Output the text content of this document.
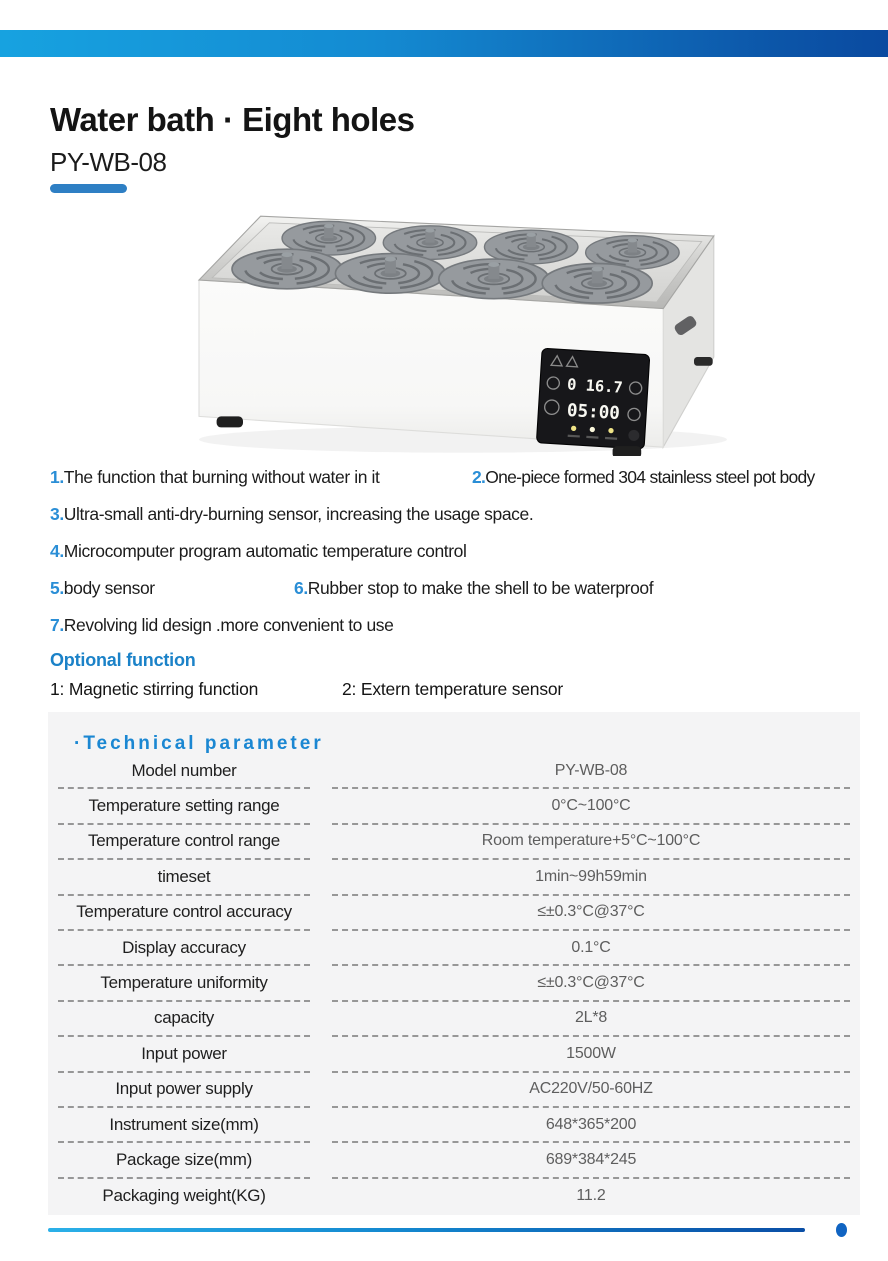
Water bath · Eight holes
PY-WB-08
0 16.7
05:00
1.The function that burning without water in it	2.One-piece formed 304 stainless steel pot body
3.Ultra-small anti-dry-burning sensor, increasing the usage space.
4.Microcomputer program automatic temperature control
5.body sensor	6.Rubber stop to make the shell to be waterproof
7.Revolving lid design .more convenient to use
Optional function
1: Magnetic stirring function	2: Extern temperature sensor
·Technical parameter
Model number	PY-WB-08
Temperature setting range	0°C~100°C
Temperature control range	Room temperature+5°C~100°C
timeset	1min~99h59min
Temperature control accuracy	≤±0.3°C@37°C
Display accuracy	0.1°C
Temperature uniformity	≤±0.3°C@37°C
capacity	2L*8
Input power	1500W
Input power supply	AC220V/50-60HZ
Instrument size(mm)	648*365*200
Package size(mm)	689*384*245
Packaging weight(KG)	11.2
